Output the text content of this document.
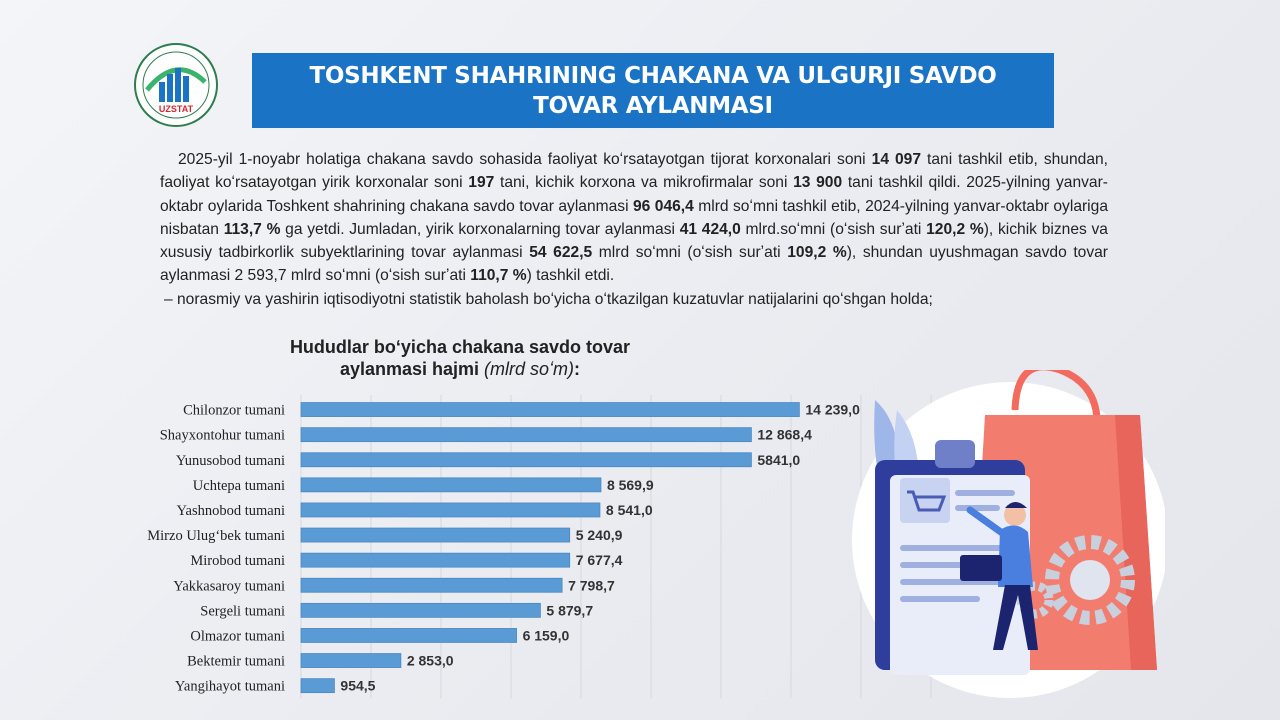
UZSTAT
TOSHKENT SHAHRINING CHAKANA VA ULGURJI SAVDO
TOVAR AYLANMASI

2025-yil 1-noyabr holatiga chakana savdo sohasida faoliyat koʻrsatayotgan tijorat korxonalari soni 14 097 tani tashkil etib, shundan, faoliyat koʻrsatayotgan yirik korxonalar soni 197 tani, kichik korxona va mikrofirmalar soni 13 900 tani tashkil qildi. 2025-yilning yanvar-oktabr oylarida Toshkent shahrining chakana savdo tovar aylanmasi 96 046,4 mlrd soʻmni tashkil etib, 2024-yilning yanvar-oktabr oylariga nisbatan 113,7 % ga yetdi. Jumladan, yirik korxonalarning tovar aylanmasi 41 424,0 mlrd.soʻmni (oʻsish surʼati 120,2 %), kichik biznes va xususiy tadbirkorlik subyektlarining tovar aylanmasi 54 622,5 mlrd soʻmni (oʻsish surʼati 109,2 %), shundan uyushmagan savdo tovar aylanmasi 2 593,7 mlrd soʻmni (oʻsish surʼati 110,7 %) tashkil etdi.

– norasmiy va yashirin iqtisodiyotni statistik baholash boʻyicha oʻtkazilgan kuzatuvlar natijalarini qoʻshgan holda;

Hududlar boʻyicha chakana savdo tovar
aylanmasi hajmi (mlrd soʻm):
Chilonzor tumani	14 239,0
Shayxontohur tumani	12 868,4
Yunusobod tumani	5841,0
Uchtepa tumani	8 569,9
Yashnobod tumani	8 541,0
Mirzo Ulugʻbek tumani	5 240,9
Mirobod tumani	7 677,4
Yakkasaroy tumani	7 798,7
Sergeli tumani	5 879,7
Olmazor tumani	6 159,0
Bektemir tumani	2 853,0
Yangihayot tumani	954,5
